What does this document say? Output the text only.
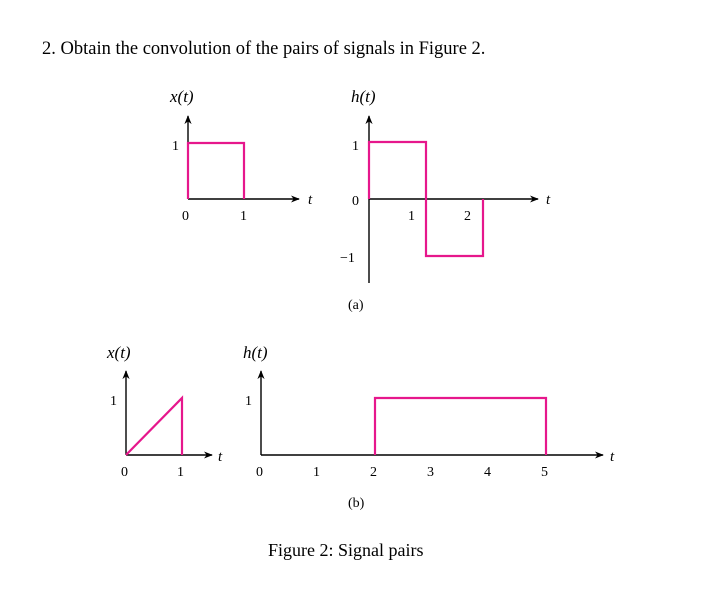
2. Obtain the convolution of the pairs of signals in Figure 2.
x(t)
1
0	1
t
h(t)
1
0
−1
1	2
t
(a)
x(t)
1
0	1
t
h(t)
1
0	1	2	3	4	5
t
(b)
Figure 2: Signal pairs
